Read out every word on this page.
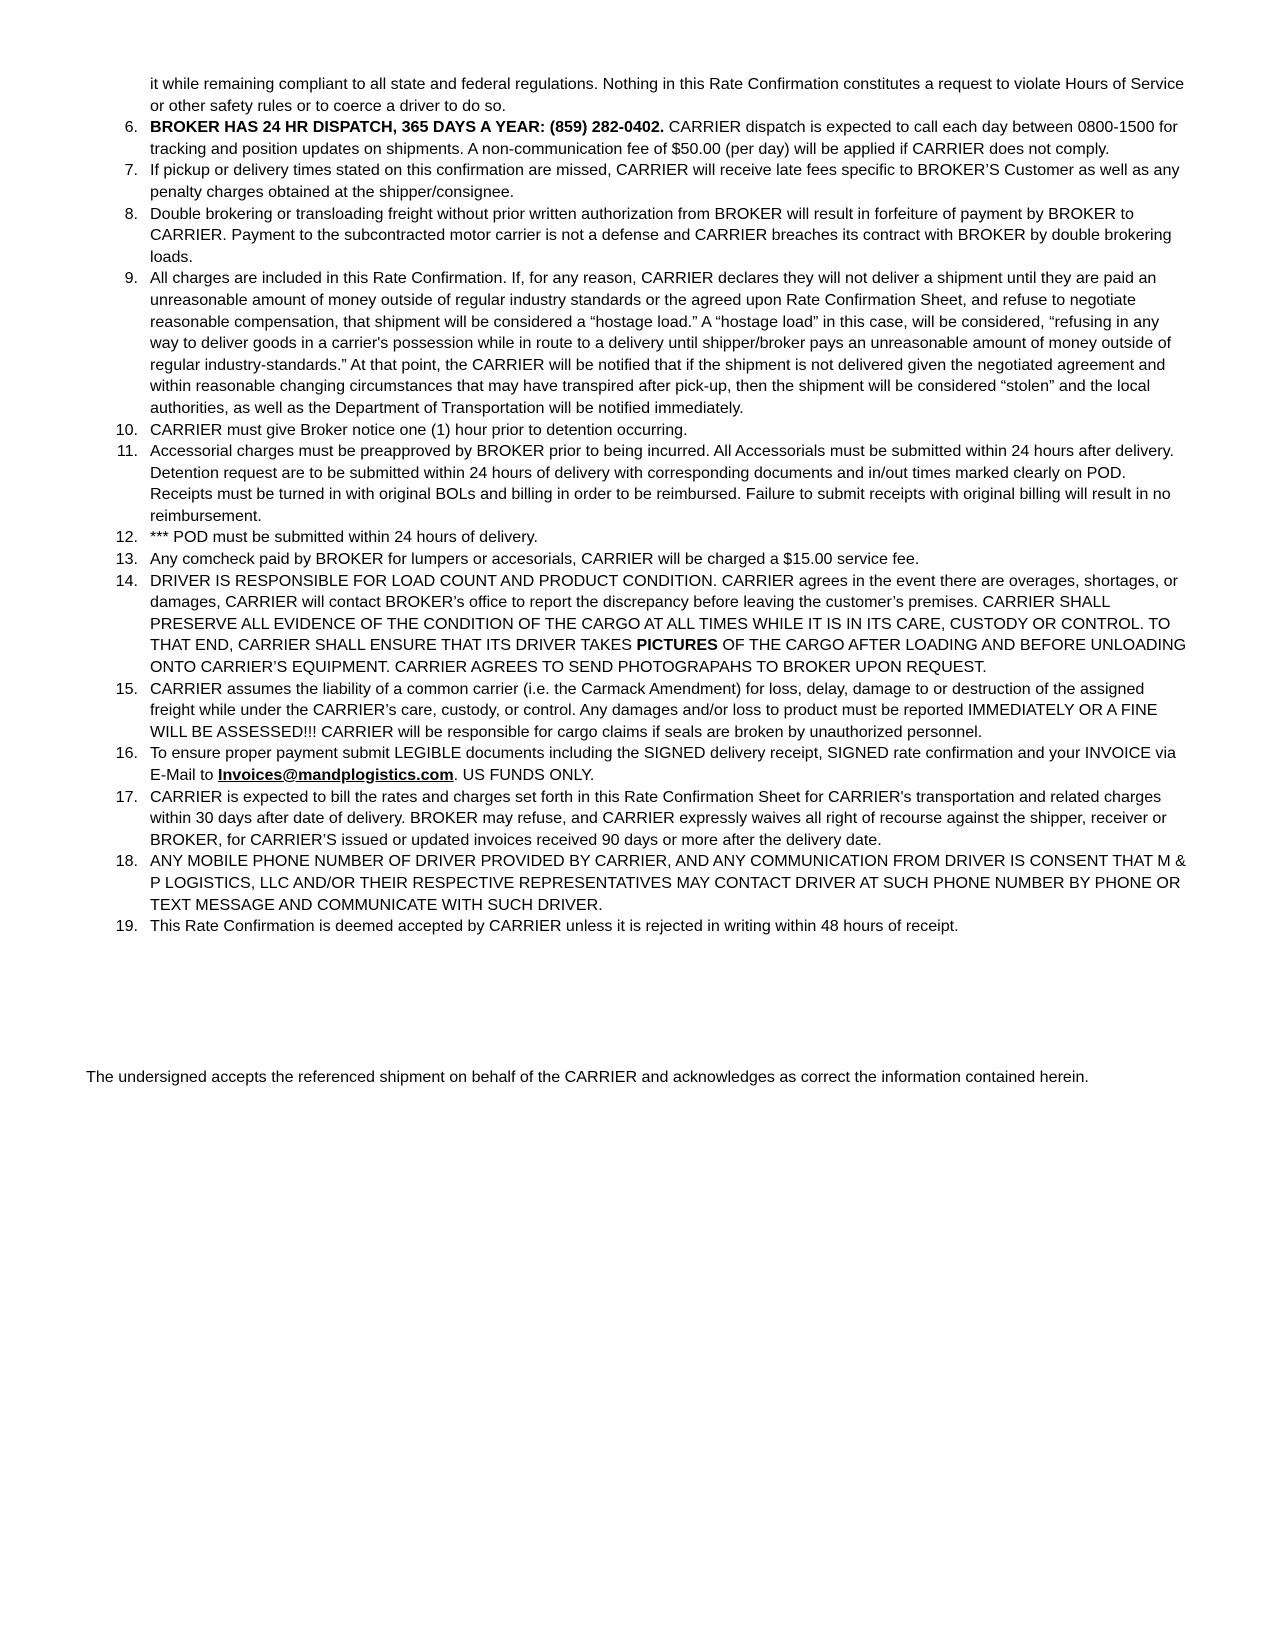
it while remaining compliant to all state and federal regulations. Nothing in this Rate Confirmation constitutes a request to violate Hours of Service or other safety rules or to coerce a driver to do so.
6. BROKER HAS 24 HR DISPATCH, 365 DAYS A YEAR: (859) 282-0402. CARRIER dispatch is expected to call each day between 0800-1500 for tracking and position updates on shipments. A non-communication fee of $50.00 (per day) will be applied if CARRIER does not comply.
7. If pickup or delivery times stated on this confirmation are missed, CARRIER will receive late fees specific to BROKER’S Customer as well as any penalty charges obtained at the shipper/consignee.
8. Double brokering or transloading freight without prior written authorization from BROKER will result in forfeiture of payment by BROKER to CARRIER. Payment to the subcontracted motor carrier is not a defense and CARRIER breaches its contract with BROKER by double brokering loads.
9. All charges are included in this Rate Confirmation. If, for any reason, CARRIER declares they will not deliver a shipment until they are paid an unreasonable amount of money outside of regular industry standards or the agreed upon Rate Confirmation Sheet, and refuse to negotiate reasonable compensation, that shipment will be considered a “hostage load.” A “hostage load” in this case, will be considered, “refusing in any way to deliver goods in a carrier's possession while in route to a delivery until shipper/broker pays an unreasonable amount of money outside of regular industry-standards.” At that point, the CARRIER will be notified that if the shipment is not delivered given the negotiated agreement and within reasonable changing circumstances that may have transpired after pick-up, then the shipment will be considered “stolen” and the local authorities, as well as the Department of Transportation will be notified immediately.
10. CARRIER must give Broker notice one (1) hour prior to detention occurring.
11. Accessorial charges must be preapproved by BROKER prior to being incurred. All Accessorials must be submitted within 24 hours after delivery. Detention request are to be submitted within 24 hours of delivery with corresponding documents and in/out times marked clearly on POD. Receipts must be turned in with original BOLs and billing in order to be reimbursed. Failure to submit receipts with original billing will result in no reimbursement.
12. *** POD must be submitted within 24 hours of delivery.
13. Any comcheck paid by BROKER for lumpers or accesorials, CARRIER will be charged a $15.00 service fee.
14. DRIVER IS RESPONSIBLE FOR LOAD COUNT AND PRODUCT CONDITION. CARRIER agrees in the event there are overages, shortages, or damages, CARRIER will contact BROKER’s office to report the discrepancy before leaving the customer’s premises. CARRIER SHALL PRESERVE ALL EVIDENCE OF THE CONDITION OF THE CARGO AT ALL TIMES WHILE IT IS IN ITS CARE, CUSTODY OR CONTROL. TO THAT END, CARRIER SHALL ENSURE THAT ITS DRIVER TAKES PICTURES OF THE CARGO AFTER LOADING AND BEFORE UNLOADING ONTO CARRIER’S EQUIPMENT. CARRIER AGREES TO SEND PHOTOGRAPAHS TO BROKER UPON REQUEST.
15. CARRIER assumes the liability of a common carrier (i.e. the Carmack Amendment) for loss, delay, damage to or destruction of the assigned freight while under the CARRIER’s care, custody, or control. Any damages and/or loss to product must be reported IMMEDIATELY OR A FINE WILL BE ASSESSED!!! CARRIER will be responsible for cargo claims if seals are broken by unauthorized personnel.
16. To ensure proper payment submit LEGIBLE documents including the SIGNED delivery receipt, SIGNED rate confirmation and your INVOICE via E-Mail to Invoices@mandplogistics.com. US FUNDS ONLY.
17. CARRIER is expected to bill the rates and charges set forth in this Rate Confirmation Sheet for CARRIER's transportation and related charges within 30 days after date of delivery. BROKER may refuse, and CARRIER expressly waives all right of recourse against the shipper, receiver or BROKER, for CARRIER’S issued or updated invoices received 90 days or more after the delivery date.
18. ANY MOBILE PHONE NUMBER OF DRIVER PROVIDED BY CARRIER, AND ANY COMMUNICATION FROM DRIVER IS CONSENT THAT M & P LOGISTICS, LLC AND/OR THEIR RESPECTIVE REPRESENTATIVES MAY CONTACT DRIVER AT SUCH PHONE NUMBER BY PHONE OR TEXT MESSAGE AND COMMUNICATE WITH SUCH DRIVER.
19. This Rate Confirmation is deemed accepted by CARRIER unless it is rejected in writing within 48 hours of receipt.

The undersigned accepts the referenced shipment on behalf of the CARRIER and acknowledges as correct the information contained herein.
